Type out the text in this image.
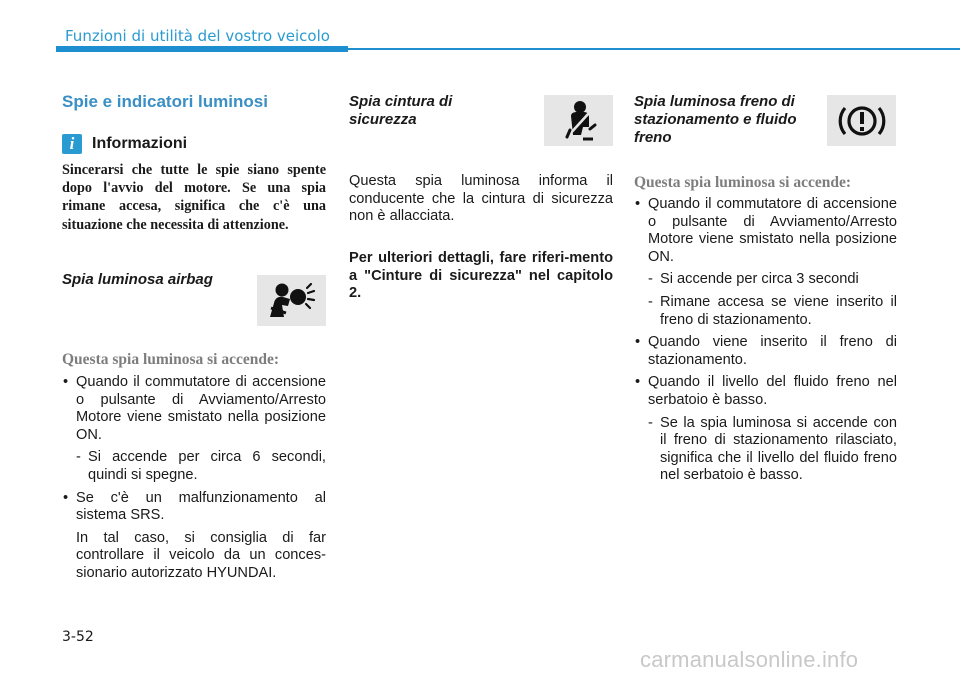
Funzioni di utilità del vostro veicolo
Spie e indicatori luminosi
i	Informazioni
Sincerarsi che tutte le spie siano spente dopo l'avvio del motore. Se una spia rimane accesa, significa che c'è una situazione che necessita di attenzione.
Spia luminosa airbag
Questa spia luminosa si accende:

• Quando il commutatore di accensione o pulsante di Avviamento/Arresto Motore viene smistato nella posizione ON.

- Si accende per circa 6 secondi, quindi si spegne.

• Se c'è un malfunzionamento al sistema SRS.

In tal caso, si consiglia di far controllare il veicolo da un conces-sionario autorizzato HYUNDAI.

Spia cintura di sicurezza
Questa spia luminosa informa il conducente che la cintura di sicurezza non è allacciata.
Per ulteriori dettagli, fare riferi-mento a "Cinture di sicurezza" nel capitolo 2.
Spia luminosa freno di stazionamento e fluido freno
Questa spia luminosa si accende:

• Quando il commutatore di accensione o pulsante di Avviamento/Arresto Motore viene smistato nella posizione ON.

- Si accende per circa 3 secondi

- Rimane accesa se viene inserito il freno di stazionamento.

• Quando viene inserito il freno di stazionamento.

• Quando il livello del fluido freno nel serbatoio è basso.

- Se la spia luminosa si accende con il freno di stazionamento rilasciato, significa che il livello del fluido freno nel serbatoio è basso.

3-52
carmanualsonline.info
